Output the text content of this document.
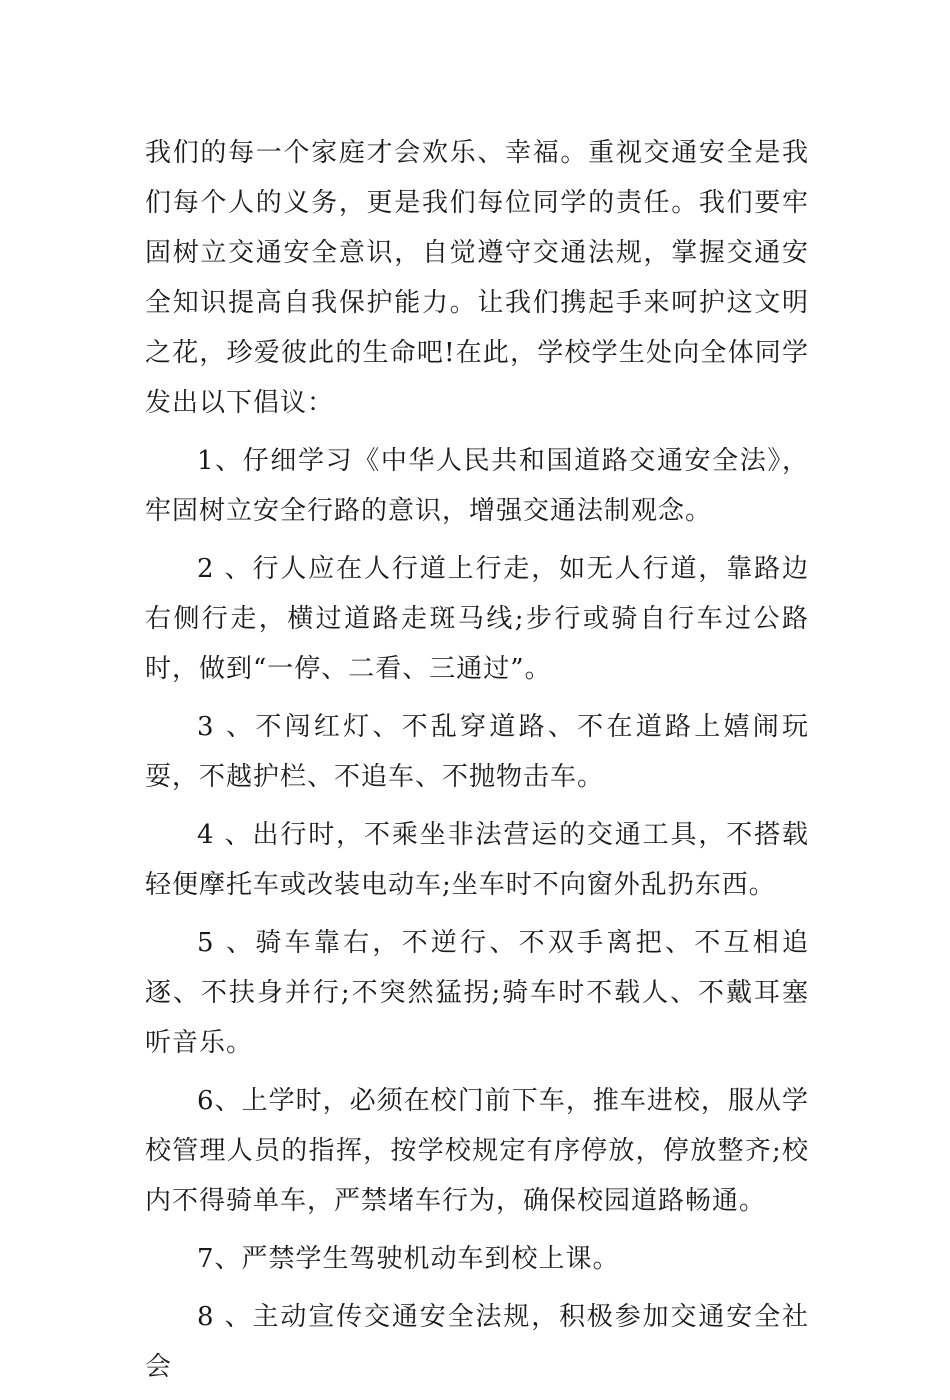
我们的每一个家庭才会欢乐、幸福。重视交通安全是我们每个人的义务，更是我们每位同学的责任。我们要牢固树立交通安全意识，自觉遵守交通法规，掌握交通安全知识提高自我保护能力。让我们携起手来呵护这文明之花，珍爱彼此的生命吧!在此，学校学生处向全体同学发出以下倡议：

1、仔细学习《中华人民共和国道路交通安全法》，牢固树立安全行路的意识，增强交通法制观念。

2 、行人应在人行道上行走，如无人行道，靠路边右侧行走，横过道路走斑马线;步行或骑自行车过公路时，做到“一停、二看、三通过”。

3 、不闯红灯、不乱穿道路、不在道路上嬉闹玩耍，不越护栏、不追车、不抛物击车。

4 、出行时，不乘坐非法营运的交通工具，不搭载轻便摩托车或改装电动车;坐车时不向窗外乱扔东西。

5 、骑车靠右，不逆行、不双手离把、不互相追逐、不扶身并行;不突然猛拐;骑车时不载人、不戴耳塞听音乐。

6、上学时，必须在校门前下车，推车进校，服从学校管理人员的指挥，按学校规定有序停放，停放整齐;校内不得骑单车，严禁堵车行为，确保校园道路畅通。

7、严禁学生驾驶机动车到校上课。

8 、主动宣传交通安全法规，积极参加交通安全社会
